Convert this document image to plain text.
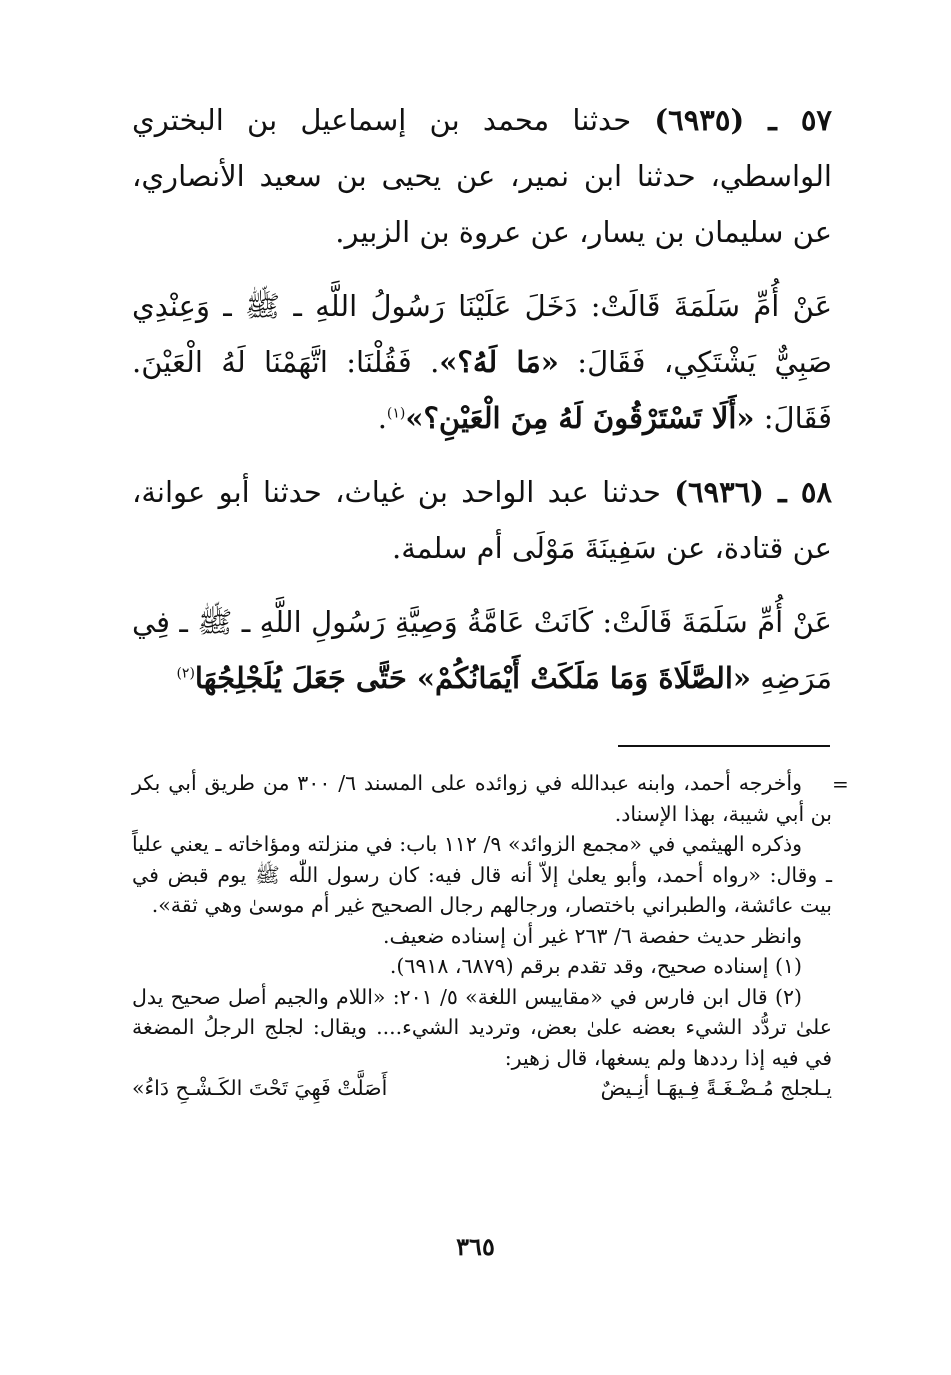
٥٧ ـ (٦٩٣٥) حدثنا محمد بن إسماعيل بن البختري الواسطي، حدثنا ابن نمير، عن يحيى بن سعيد الأنصاري، عن سليمان بن يسار، عن عروة بن الزبير.

عَنْ أُمِّ سَلَمَةَ قَالَتْ: دَخَلَ عَلَيْنَا رَسُولُ اللَّهِ ـ ﷺ ـ وَعِنْدِي صَبِيٌّ يَشْتَكِي، فَقَالَ: «مَا لَهُ؟». فَقُلْنَا: اتَّهَمْنَا لَهُ الْعَيْنَ. فَقَالَ: «أَلَا تَسْتَرْقُونَ لَهُ مِنَ الْعَيْنِ؟»$^{(١)}$.

٥٨ ـ (٦٩٣٦) حدثنا عبد الواحد بن غياث، حدثنا أبو عوانة، عن قتادة، عن سَفِينَةَ مَوْلَى أم سلمة.

عَنْ أُمِّ سَلَمَةَ قَالَتْ: كَانَتْ عَامَّةُ وَصِيَّةِ رَسُولِ اللَّهِ ـ ﷺ ـ فِي مَرَضِهِ «الصَّلَاةَ وَمَا مَلَكَتْ أَيْمَانُكُمْ» حَتَّى جَعَلَ يُلَجْلِجُهَا$^{(٢)}$

=

وأخرجه أحمد، وابنه عبدالله في زوائده على المسند ٦/ ٣٠٠ من طريق أبي بكر بن أبي شيبة، بهذا الإسناد.

وذكره الهيثمي في «مجمع الزوائد» ٩/ ١١٢ باب: في منزلته ومؤاخاته ـ يعني علياً ـ وقال: «رواه أحمد، وأبو يعلىٰ إلاّ أنه قال فيه: كان رسول اللّٰه ﷺ يوم قبض في بيت عائشة، والطبراني باختصار، ورجالهم رجال الصحيح غير أم موسىٰ وهي ثقة».

وانظر حديث حفصة ٦/ ٢٦٣ غير أن إسناده ضعيف.

(١) إسناده صحيح، وقد تقدم برقم (٦٨٧٩، ٦٩١٨).

(٢) قال ابن فارس في «مقاييس اللغة» ٥/ ٢٠١: «اللام والجيم أصل صحيح يدل علىٰ تردُّد الشيء بعضه علىٰ بعض، وترديد الشيء.... ويقال: لجلج الرجلُ المضغة في فيه إذا رددها ولم يسغها، قال زهير:

يـلجلج مُـضْـغَـةً فِـيهَـا أنِـيضٌ
أَصَلَّتْ فَهِيَ تَحْتَ الكَـشْـحِ دَاءُ»
٣٦٥
